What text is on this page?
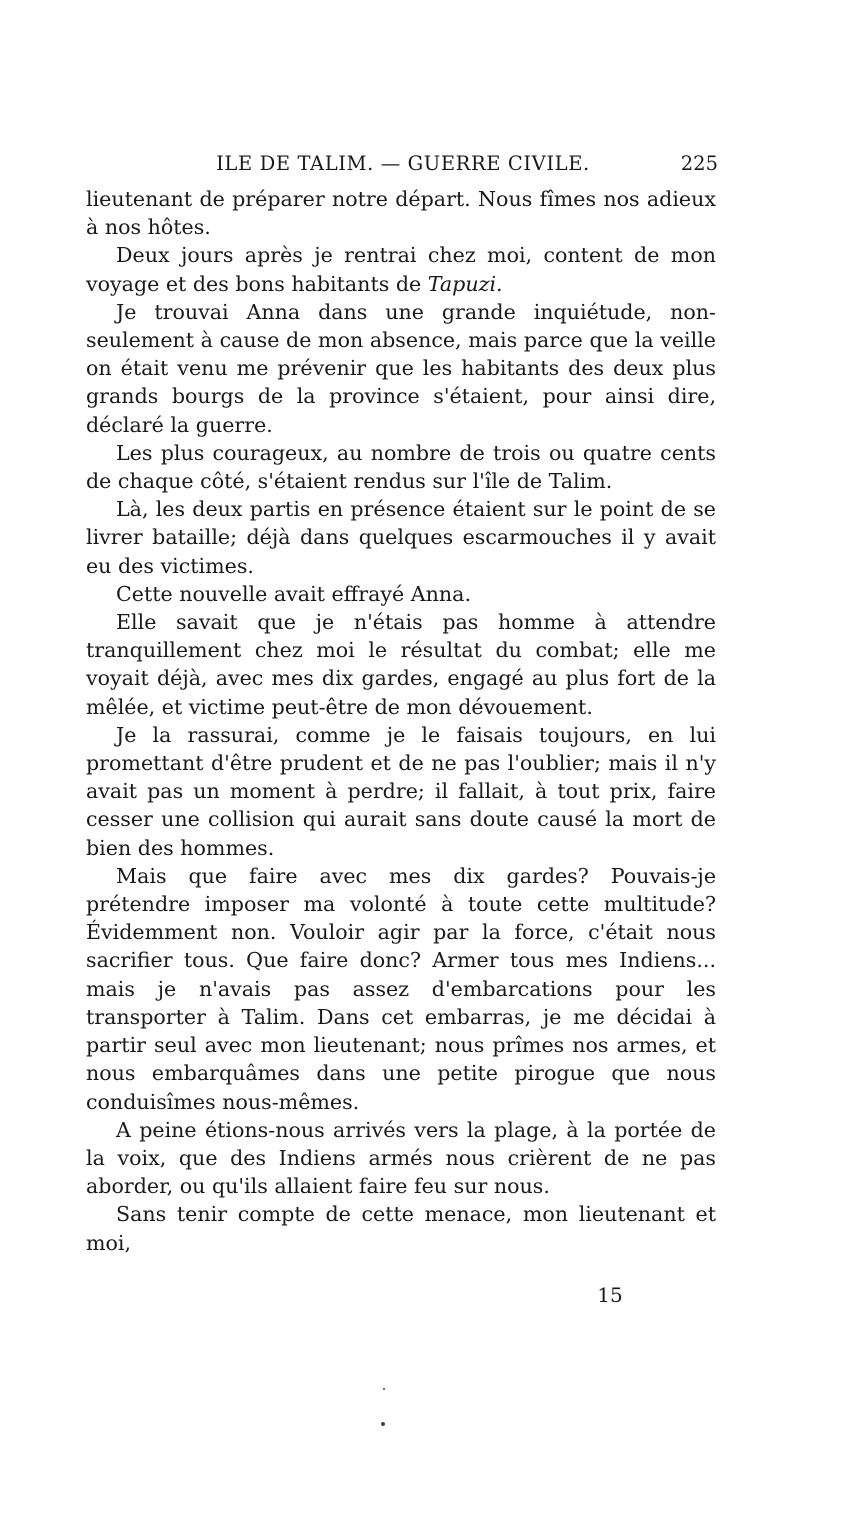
ILE DE TALIM. — GUERRE CIVILE.	225

lieutenant de préparer notre départ. Nous fîmes nos adieux à nos hôtes.

Deux jours après je rentrai chez moi, content de mon voyage et des bons habitants de Tapuzi.

Je trouvai Anna dans une grande inquiétude, non-seulement à cause de mon absence, mais parce que la veille on était venu me prévenir que les habitants des deux plus grands bourgs de la province s'étaient, pour ainsi dire, déclaré la guerre.

Les plus courageux, au nombre de trois ou quatre cents de chaque côté, s'étaient rendus sur l'île de Talim.

Là, les deux partis en présence étaient sur le point de se livrer bataille; déjà dans quelques escarmouches il y avait eu des victimes.

Cette nouvelle avait effrayé Anna.

Elle savait que je n'étais pas homme à attendre tranquillement chez moi le résultat du combat; elle me voyait déjà, avec mes dix gardes, engagé au plus fort de la mêlée, et victime peut-être de mon dévouement.

Je la rassurai, comme je le faisais toujours, en lui promettant d'être prudent et de ne pas l'oublier; mais il n'y avait pas un moment à perdre; il fallait, à tout prix, faire cesser une collision qui aurait sans doute causé la mort de bien des hommes.

Mais que faire avec mes dix gardes? Pouvais-je prétendre imposer ma volonté à toute cette multitude? Évidemment non. Vouloir agir par la force, c'était nous sacrifier tous. Que faire donc? Armer tous mes Indiens... mais je n'avais pas assez d'embarcations pour les transporter à Talim. Dans cet embarras, je me décidai à partir seul avec mon lieutenant; nous prîmes nos armes, et nous embarquâmes dans une petite pirogue que nous conduisîmes nous-mêmes.

A peine étions-nous arrivés vers la plage, à la portée de la voix, que des Indiens armés nous crièrent de ne pas aborder, ou qu'ils allaient faire feu sur nous.

Sans tenir compte de cette menace, mon lieutenant et moi,

15
